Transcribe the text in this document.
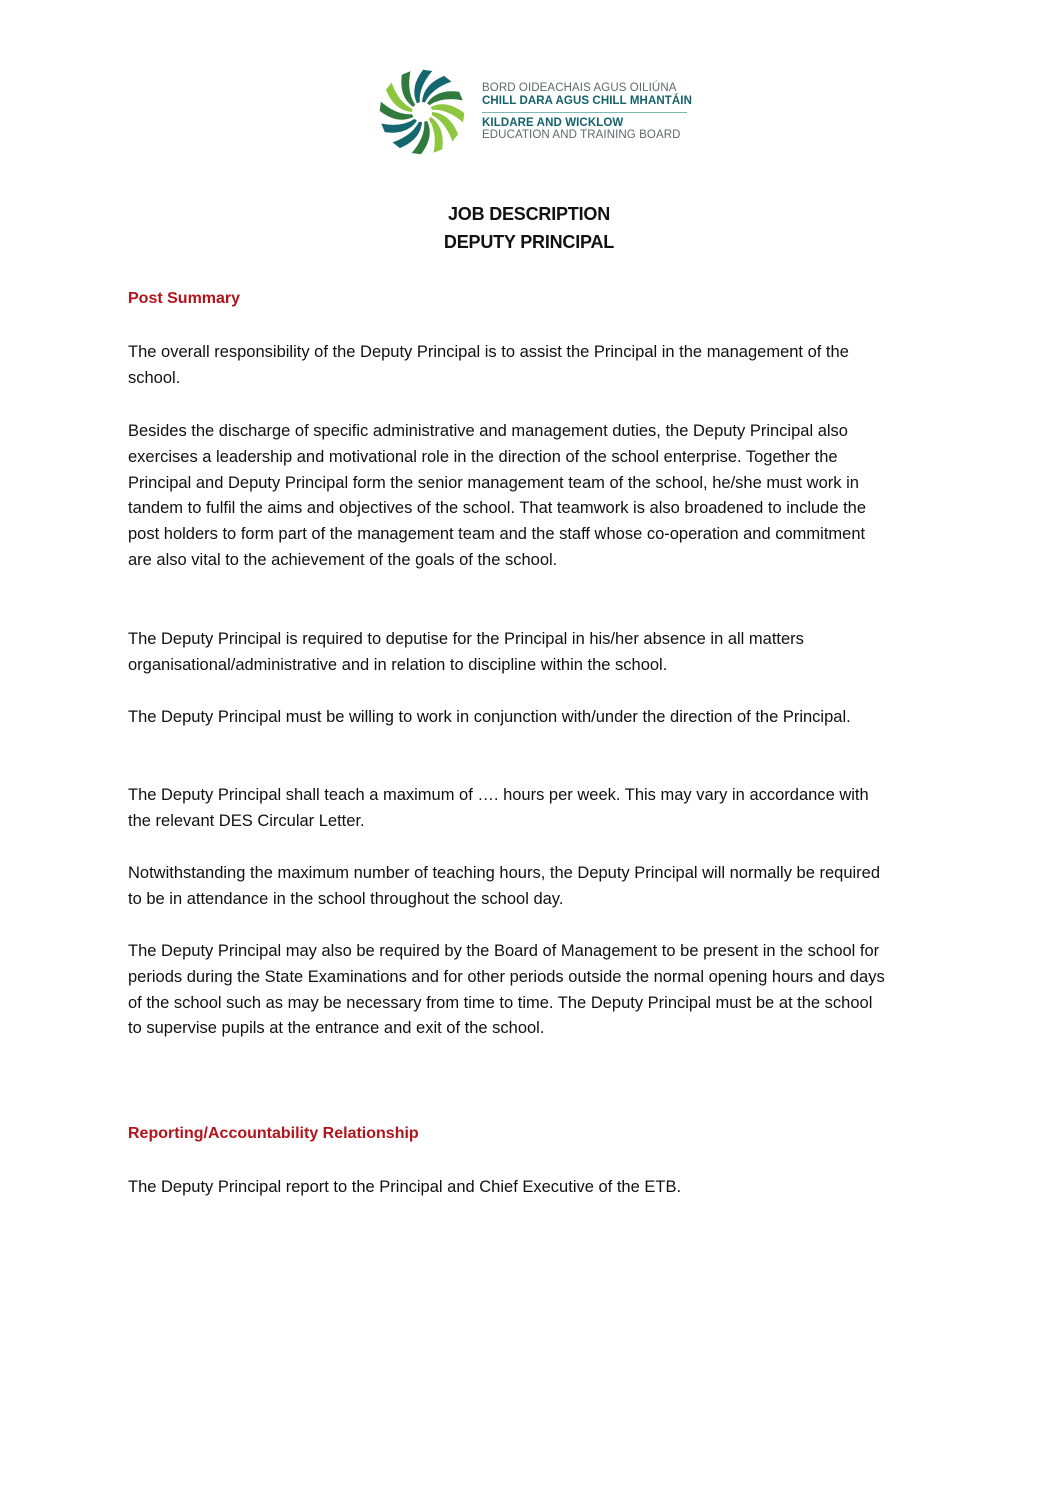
BORD OIDEACHAIS AGUS OILIÚNA
CHILL DARA AGUS CHILL MHANTÁIN
KILDARE AND WICKLOW
EDUCATION AND TRAINING BOARD
JOB DESCRIPTION
DEPUTY PRINCIPAL
Post Summary

The overall responsibility of the Deputy Principal is to assist the Principal in the management of the school.

Besides the discharge of specific administrative and management duties, the Deputy Principal also exercises a leadership and motivational role in the direction of the school enterprise. Together the Principal and Deputy Principal form the senior management team of the school, he/she must work in tandem to fulfil the aims and objectives of the school. That teamwork is also broadened to include the post holders to form part of the management team and the staff whose co-operation and commitment are also vital to the achievement of the goals of the school.

The Deputy Principal is required to deputise for the Principal in his/her absence in all matters organisational/administrative and in relation to discipline within the school.

The Deputy Principal must be willing to work in conjunction with/under the direction of the Principal.

The Deputy Principal shall teach a maximum of …. hours per week. This may vary in accordance with the relevant DES Circular Letter.

Notwithstanding the maximum number of teaching hours, the Deputy Principal will normally be required to be in attendance in the school throughout the school day.

The Deputy Principal may also be required by the Board of Management to be present in the school for periods during the State Examinations and for other periods outside the normal opening hours and days of the school such as may be necessary from time to time. The Deputy Principal must be at the school to supervise pupils at the entrance and exit of the school.

Reporting/Accountability Relationship

The Deputy Principal report to the Principal and Chief Executive of the ETB.
